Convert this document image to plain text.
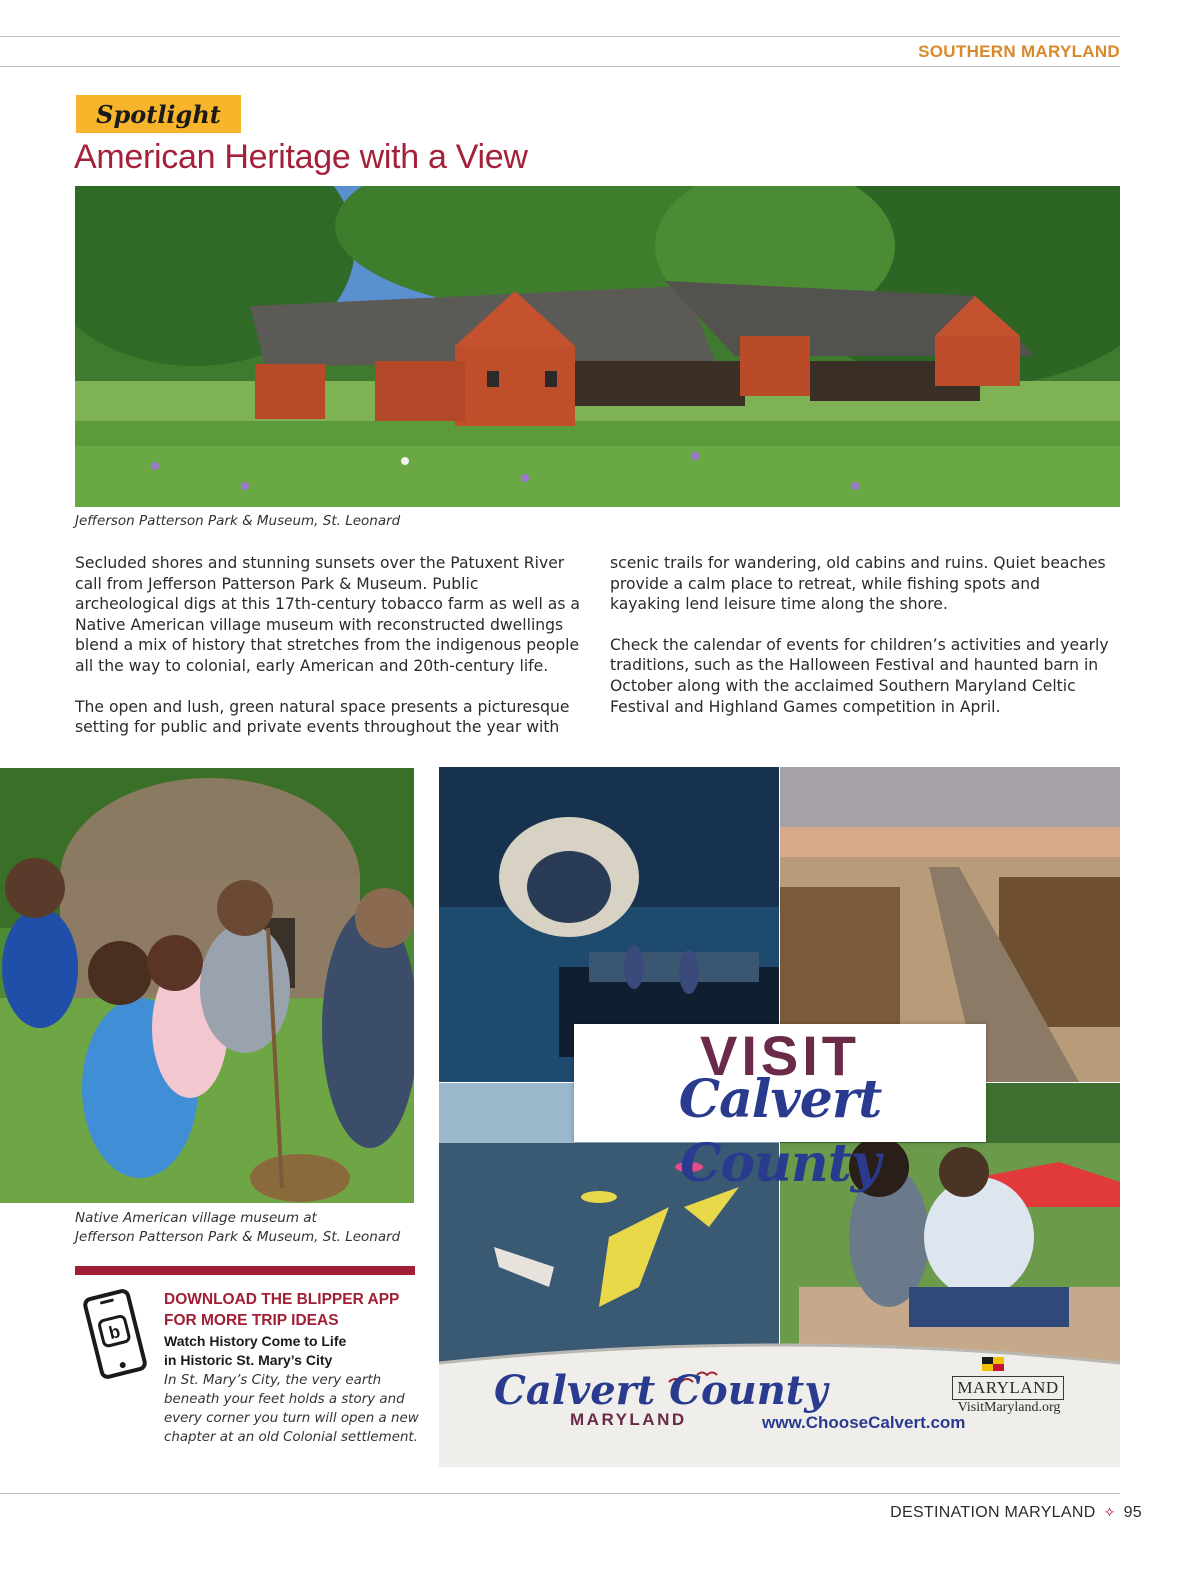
SOUTHERN MARYLAND
Spotlight
American Heritage with a View
Jefferson Patterson Park & Museum, St. Leonard

Secluded shores and stunning sunsets over the Patuxent River call from Jefferson Patterson Park & Museum. Public archeological digs at this 17th-century tobacco farm as well as a Native American village museum with reconstructed dwellings blend a mix of history that stretches from the indigenous people all the way to colonial, early American and 20th-century life.

The open and lush, green natural space presents a picturesque setting for public and private events throughout the year with

scenic trails for wandering, old cabins and ruins. Quiet beaches provide a calm place to retreat, while fishing spots and kayaking lend leisure time along the shore.

Check the calendar of events for children’s activities and yearly traditions, such as the Halloween Festival and haunted barn in October along with the acclaimed Southern Maryland Celtic Festival and Highland Games competition in April.

Native American village museum at
Jefferson Patterson Park & Museum, St. Leonard
b
DOWNLOAD THE BLIPPER APP
FOR MORE TRIP IDEAS
Watch History Come to Life
in Historic St. Mary’s City
In St. Mary’s City, the very earth beneath your feet holds a story and every corner you turn will open a new chapter at an old Colonial settlement.
VISIT
Calvert County
Calvert County
MARYLAND	www.ChooseCalvert.com
MARYLAND
VisitMaryland.org
DESTINATION MARYLAND ✧ 95
